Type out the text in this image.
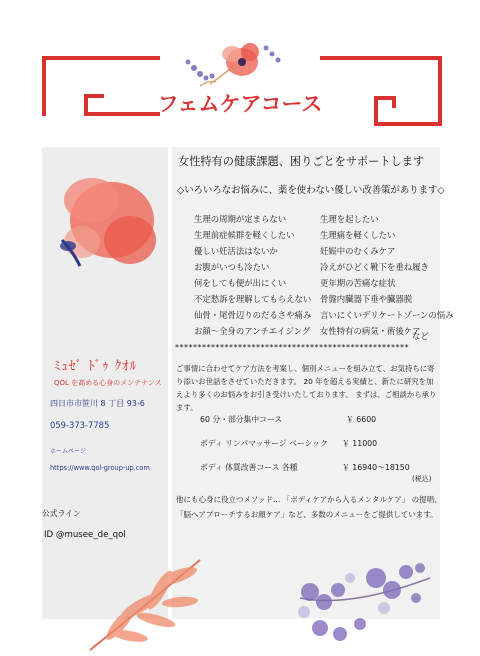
フェムケアコース
女性特有の健康課題、困りごとをサポートします
◇いろいろなお悩みに、薬を使わない優しい改善策があります◇
生理の周期が定まらない
生理前症候群を軽くしたい
優しい妊活法はないか
お腹がいつも冷たい
何をしても便が出にくい
不定愁訴を理解してもらえない
仙骨・尾骨辺りのだるさや痛み
お顔～全身のアンチエイジング
生理を起したい
生理痛を軽くしたい
妊娠中のむくみケア
冷えがひどく靴下を重ね履き
更年期の苦痛な症状
骨盤内臓器下垂や臓器脱
言いにくいデリケートゾーンの悩み
女性特有の病気・術後ケア
など
****************************************************
ご事情に合わせてケア方法を考案し、個別メニューを組み立て、お気持ちに寄り添いお世話をさせていただきます。 20 年を超える実績と、新たに研究を加えより多くのお悩みをお引き受けいたしております。 まずは、ご相談から承ります。
60 分・部分集中コース	￥ 6600
ボディ リンパマッサージ ベーシック ￥ 11000
ボディ 体質改善コース 各種	￥ 16940～18150
(税込)
他にも心身に役立つメソッド… 「ボディケアから入るメンタルケア」 の提唱、「脳へアプローチするお顔ケア」など、多数のメニューをご提供しています。
ﾐｭｾﾞ ﾄﾞｩ ｸｵﾙ
QOL を高める心身のメンテナンス
四日市市笹川 8 丁目 93-6
059-373-7785
ホームページ
https://www.qol-group-up.com
公式ライン
ID @musee_de_qol
